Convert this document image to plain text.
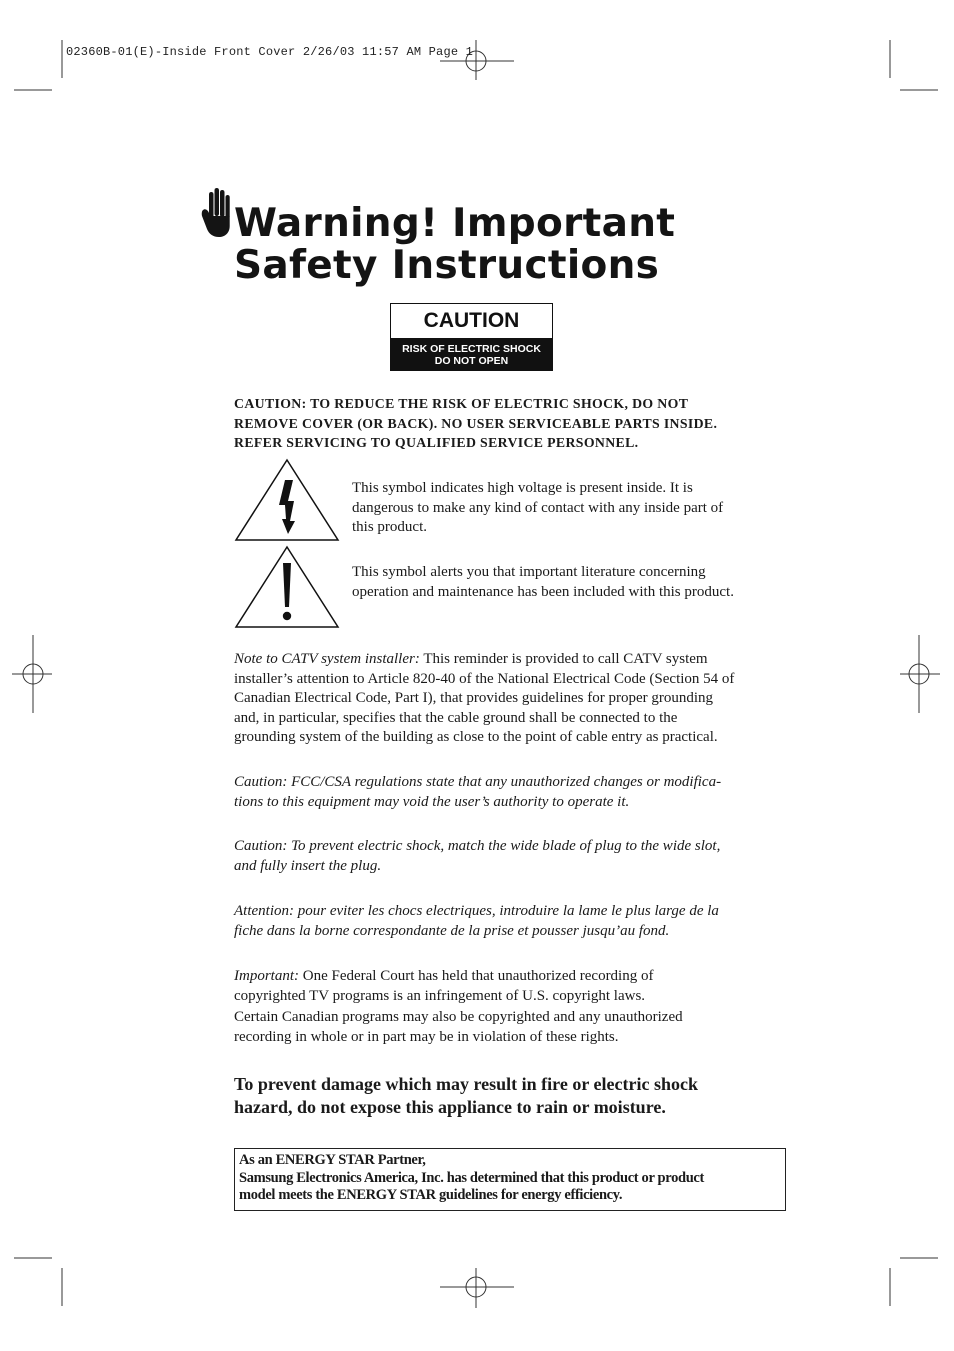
02360B-01(E)-Inside Front Cover 2/26/03 11:57 AM Page 1
Warning! Important
Safety Instructions
CAUTION
RISK OF ELECTRIC SHOCK
DO NOT OPEN
CAUTION: TO REDUCE THE RISK OF ELECTRIC SHOCK, DO NOT
REMOVE COVER (OR BACK). NO USER SERVICEABLE PARTS INSIDE.
REFER SERVICING TO QUALIFIED SERVICE PERSONNEL.
This symbol indicates high voltage is present inside. It is
dangerous to make any kind of contact with any inside part of
this product.
This symbol alerts you that important literature concerning
operation and maintenance has been included with this product.
Note to CATV system installer: This reminder is provided to call CATV system
installer’s attention to Article 820-40 of the National Electrical Code (Section 54 of
Canadian Electrical Code, Part I), that provides guidelines for proper grounding
and, in particular, specifies that the cable ground shall be connected to the
grounding system of the building as close to the point of cable entry as practical.
Caution: FCC/CSA regulations state that any unauthorized changes or modifica-
tions to this equipment may void the user’s authority to operate it.
Caution: To prevent electric shock, match the wide blade of plug to the wide slot,
and fully insert the plug.
Attention: pour eviter les chocs electriques, introduire la lame le plus large de la
fiche dans la borne correspondante de la prise et pousser jusqu’au fond.
Important: One Federal Court has held that unauthorized recording of
copyrighted TV programs is an infringement of U.S. copyright laws.
Certain Canadian programs may also be copyrighted and any unauthorized
recording in whole or in part may be in violation of these rights.
To prevent damage which may result in fire or electric shock
hazard, do not expose this appliance to rain or moisture.
As an ENERGY STAR Partner,
Samsung Electronics America, Inc. has determined that this product or product
model meets the ENERGY STAR guidelines for energy efficiency.
